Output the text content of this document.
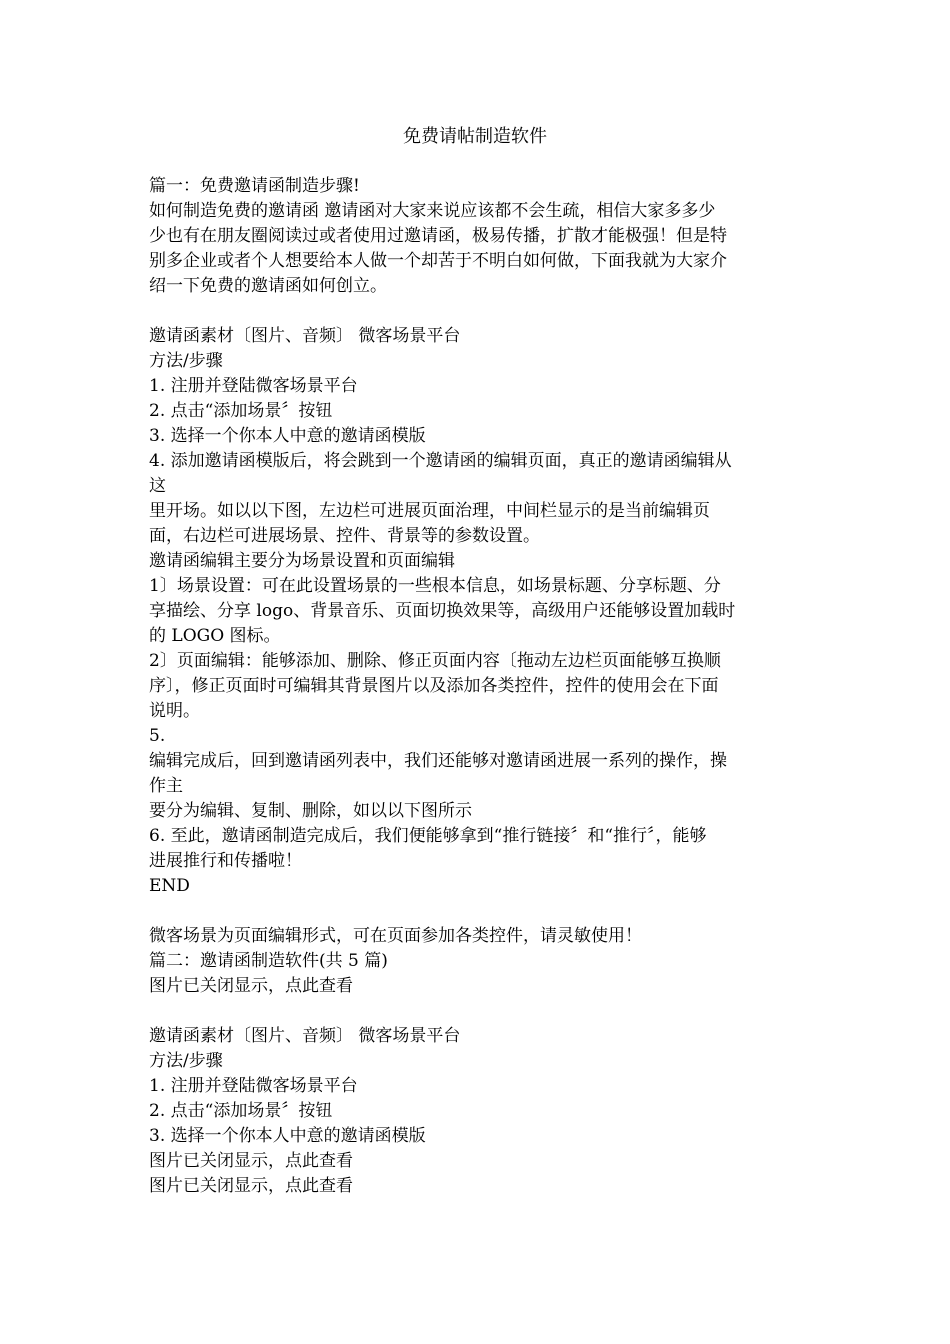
免费请帖制造软件
篇一：免费邀请函制造步骤!
如何制造免费的邀请函 邀请函对大家来说应该都不会生疏，相信大家多多少
少也有在朋友圈阅读过或者使用过邀请函，极易传播，扩散才能极强！但是特
别多企业或者个人想要给本人做一个却苦于不明白如何做，下面我就为大家介
绍一下免费的邀请函如何创立。
邀请函素材〔图片、音频〕 微客场景平台
方法/步骤
1. 注册并登陆微客场景平台
2. 点击“添加场景〞按钮
3. 选择一个你本人中意的邀请函模版
4. 添加邀请函模版后，将会跳到一个邀请函的编辑页面，真正的邀请函编辑从
这
里开场。如以以下图，左边栏可进展页面治理，中间栏显示的是当前编辑页
面，右边栏可进展场景、控件、背景等的参数设置。
邀请函编辑主要分为场景设置和页面编辑
1〕场景设置：可在此设置场景的一些根本信息，如场景标题、分享标题、分
享描绘、分享 logo、背景音乐、页面切换效果等，高级用户还能够设置加载时
的 LOGO 图标。
2〕页面编辑：能够添加、删除、修正页面内容〔拖动左边栏页面能够互换顺
序〕，修正页面时可编辑其背景图片以及添加各类控件，控件的使用会在下面
说明。
5.
编辑完成后，回到邀请函列表中，我们还能够对邀请函进展一系列的操作，操
作主
要分为编辑、复制、删除，如以以下图所示
6. 至此，邀请函制造完成后，我们便能够拿到“推行链接〞和“推行〞，能够
进展推行和传播啦！
END
微客场景为页面编辑形式，可在页面参加各类控件，请灵敏使用！
篇二：邀请函制造软件(共 5 篇)
图片已关闭显示，点此查看
邀请函素材〔图片、音频〕 微客场景平台
方法/步骤
1. 注册并登陆微客场景平台
2. 点击“添加场景〞按钮
3. 选择一个你本人中意的邀请函模版
图片已关闭显示，点此查看
图片已关闭显示，点此查看
